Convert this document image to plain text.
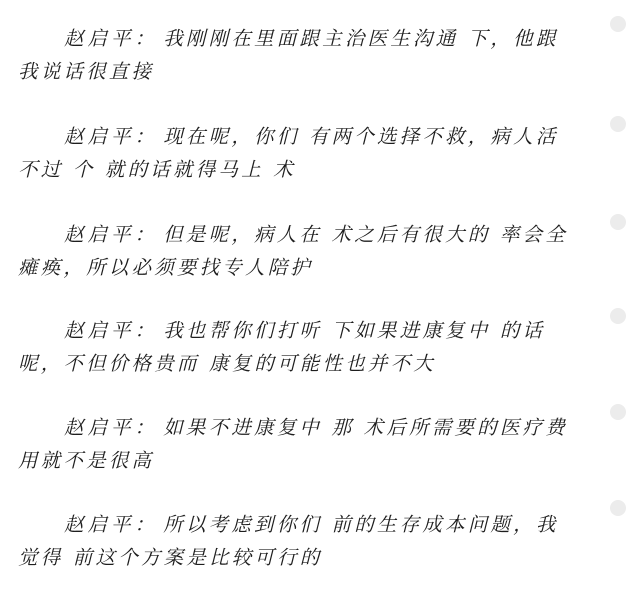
赵启平： 我刚刚在里面跟主治医生沟通 下，他跟我说话很直接

赵启平： 现在呢，你们 有两个选择不救，病人活不过 个 就的话就得马上 术

赵启平： 但是呢，病人在 术之后有很大的 率会全 瘫痪，所以必须要找专人陪护

赵启平： 我也帮你们打听 下如果进康复中 的话呢，不但价格贵而 康复的可能性也并不大

赵启平： 如果不进康复中 那 术后所需要的医疗费用就不是很高

赵启平： 所以考虑到你们 前的生存成本问题，我觉得 前这个方案是比较可行的
